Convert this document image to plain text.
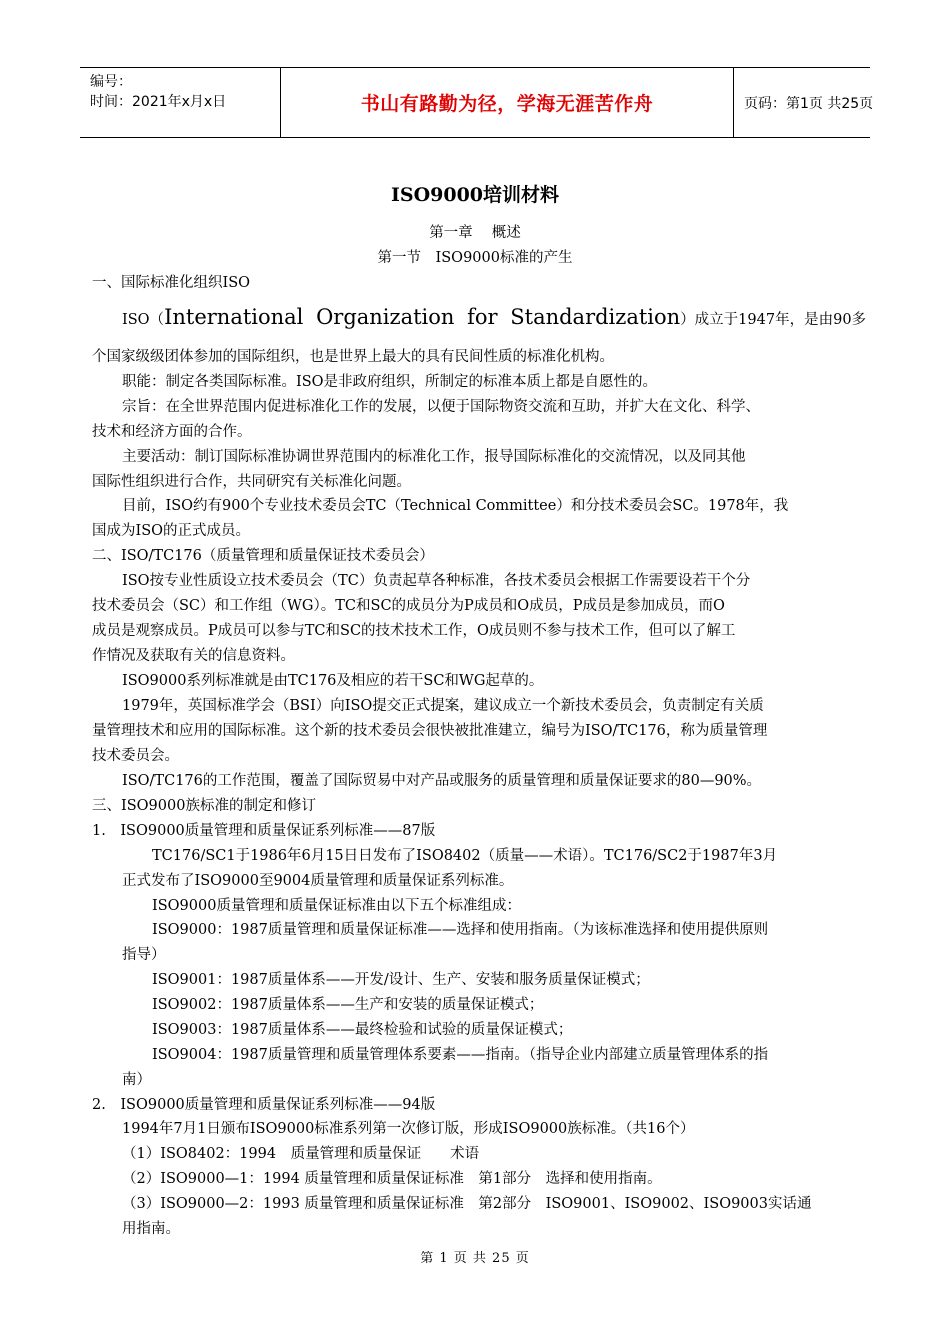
编号：
时间：2021年x月x日	书山有路勤为径，学海无涯苦作舟	页码：第1页 共25页
ISO9000培训材料
第一章　 概述
第一节　ISO9000标准的产生
一、国际标准化组织ISO
ISO（ International Organization for Standardization ）成立于1947年，是由90多
个国家级级团体参加的国际组织，也是世界上最大的具有民间性质的标准化机构。
职能：制定各类国际标准。ISO是非政府组织，所制定的标准本质上都是自愿性的。
宗旨：在全世界范围内促进标准化工作的发展，以便于国际物资交流和互助，并扩大在文化、科学、
技术和经济方面的合作。
主要活动：制订国际标准协调世界范围内的标准化工作，报导国际标准化的交流情况，以及同其他
国际性组织进行合作，共同研究有关标准化问题。
目前，ISO约有900个专业技术委员会TC（Technical Committee）和分技术委员会SC。1978年，我
国成为ISO的正式成员。
二、ISO/TC176（质量管理和质量保证技术委员会）
ISO按专业性质设立技术委员会（TC）负责起草各种标准，各技术委员会根据工作需要设若干个分
技术委员会（SC）和工作组（WG）。TC和SC的成员分为P成员和O成员，P成员是参加成员，而O
成员是观察成员。P成员可以参与TC和SC的技术技术工作，O成员则不参与技术工作，但可以了解工
作情况及获取有关的信息资料。
ISO9000系列标准就是由TC176及相应的若干SC和WG起草的。
1979年，英国标准学会（BSI）向ISO提交正式提案，建议成立一个新技术委员会，负责制定有关质
量管理技术和应用的国际标准。这个新的技术委员会很快被批准建立，编号为ISO/TC176，称为质量管理
技术委员会。
ISO/TC176的工作范围，覆盖了国际贸易中对产品或服务的质量管理和质量保证要求的80—90%。
三、ISO9000族标准的制定和修订
1.　ISO9000质量管理和质量保证系列标准——87版
TC176/SC1于1986年6月15日日发布了ISO8402（质量——术语）。TC176/SC2于1987年3月
正式发布了ISO9000至9004质量管理和质量保证系列标准。
ISO9000质量管理和质量保证标准由以下五个标准组成：
ISO9000：1987质量管理和质量保证标准——选择和使用指南。（为该标准选择和使用提供原则
指导）
ISO9001：1987质量体系——开发/设计、生产、安装和服务质量保证模式；
ISO9002：1987质量体系——生产和安装的质量保证模式；
ISO9003：1987质量体系——最终检验和试验的质量保证模式；
ISO9004：1987质量管理和质量管理体系要素——指南。（指导企业内部建立质量管理体系的指
南）
2.　ISO9000质量管理和质量保证系列标准——94版
1994年7月1日颁布ISO9000标准系列第一次修订版，形成ISO9000族标准。（共16个）
（1）ISO8402：1994　质量管理和质量保证　　术语
（2）ISO9000—1：1994 质量管理和质量保证标准　第1部分　选择和使用指南。
（3）ISO9000—2：1993 质量管理和质量保证标准　第2部分　ISO9001、ISO9002、ISO9003实话通
用指南。
第 1 页 共 25 页
